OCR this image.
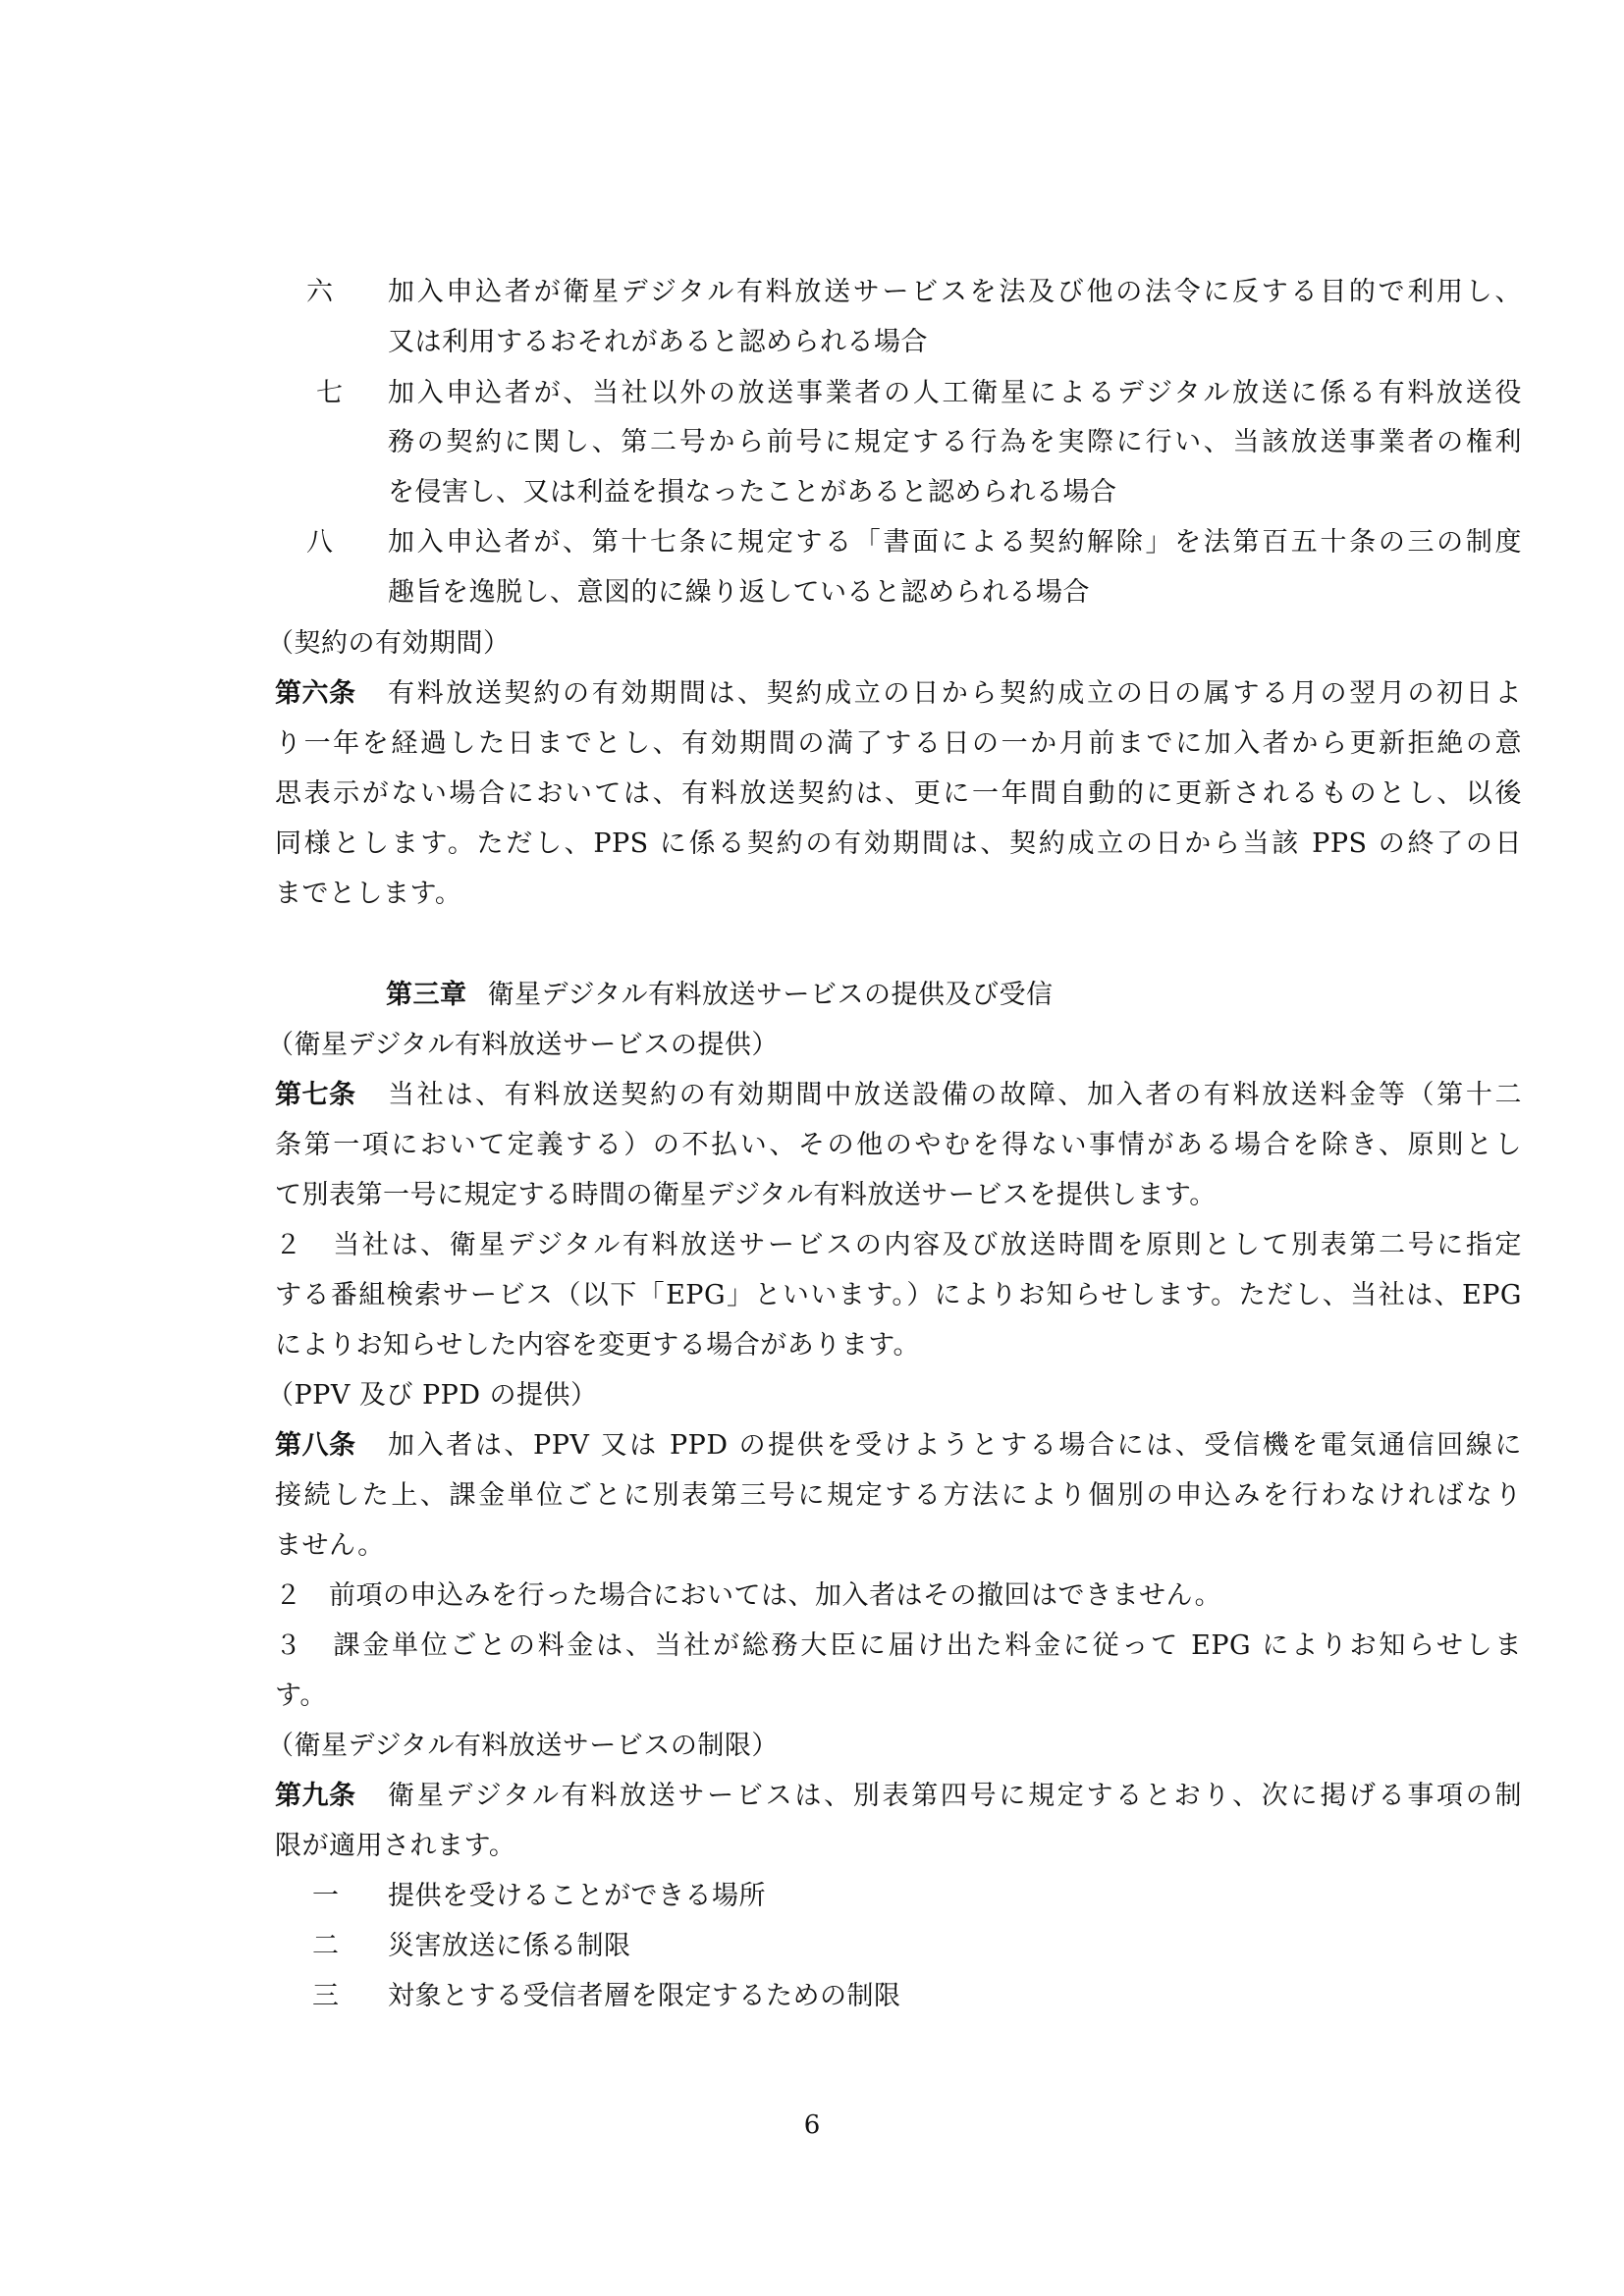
六 加入申込者が衛星デジタル有料放送サービスを法及び他の法令に反する目的で利用し、
又は利用するおそれがあると認められる場合
七 加入申込者が、当社以外の放送事業者の人工衛星によるデジタル放送に係る有料放送役
務の契約に関し、第二号から前号に規定する行為を実際に行い、当該放送事業者の権利
を侵害し、又は利益を損なったことがあると認められる場合
八 加入申込者が、第十七条に規定する「書面による契約解除」を法第百五十条の三の制度
趣旨を逸脱し、意図的に繰り返していると認められる場合
（契約の有効期間）
第六条 有料放送契約の有効期間は、契約成立の日から契約成立の日の属する月の翌月の初日よ
り一年を経過した日までとし、有効期間の満了する日の一か月前までに加入者から更新拒絶の意
思表示がない場合においては、有料放送契約は、更に一年間自動的に更新されるものとし、以後
同様とします。ただし、PPS に係る契約の有効期間は、契約成立の日から当該 PPS の終了の日
までとします。
第三章 衛星デジタル有料放送サービスの提供及び受信
（衛星デジタル有料放送サービスの提供）
第七条 当社は、有料放送契約の有効期間中放送設備の故障、加入者の有料放送料金等（第十二
条第一項において定義する）の不払い、その他のやむを得ない事情がある場合を除き、原則とし
て別表第一号に規定する時間の衛星デジタル有料放送サービスを提供します。
２　当社は、衛星デジタル有料放送サービスの内容及び放送時間を原則として別表第二号に指定
する番組検索サービス（以下「EPG」といいます。）によりお知らせします。ただし、当社は、EPG
によりお知らせした内容を変更する場合があります。
（PPV 及び PPD の提供）
第八条 加入者は、PPV 又は PPD の提供を受けようとする場合には、受信機を電気通信回線に
接続した上、課金単位ごとに別表第三号に規定する方法により個別の申込みを行わなければなり
ません。
２　前項の申込みを行った場合においては、加入者はその撤回はできません。
３　課金単位ごとの料金は、当社が総務大臣に届け出た料金に従って EPG によりお知らせしま
す。
（衛星デジタル有料放送サービスの制限）
第九条 衛星デジタル有料放送サービスは、別表第四号に規定するとおり、次に掲げる事項の制
限が適用されます。
一 提供を受けることができる場所
二 災害放送に係る制限
三 対象とする受信者層を限定するための制限
6
